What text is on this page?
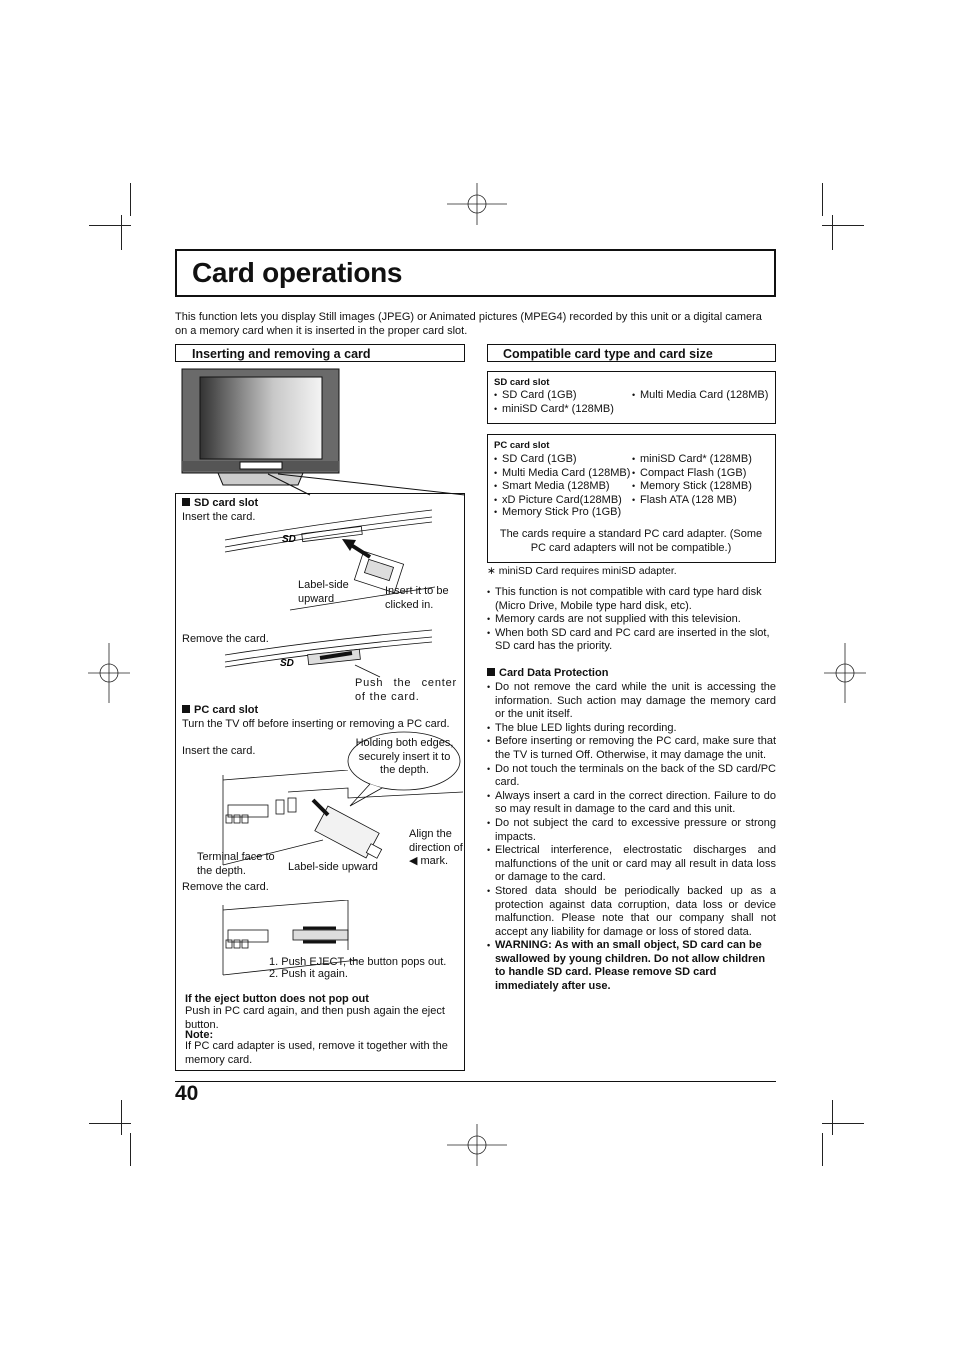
Card operations
This function lets you display Still images (JPEG) or Animated pictures (MPEG4) recorded by this unit or a digital camera on a memory card when it is inserted in the proper card slot.
Inserting and removing a card	Compatible card type and card size
SD card slot
Insert the card.
SD
Label-side upward
Insert it to be clicked in.
Remove the card.
SD
Push the center of the card.
PC card slot
Turn the TV off before inserting or removing a PC card.
Insert the card.
Holding both edges, securely insert it to the depth.
Align the direction of ◀ mark.
Terminal face to the depth.	Label-side upward
Remove the card.
1. Push EJECT, the button pops out.
2. Push it again.
If the eject button does not pop out
Push in PC card again, and then push again the eject button.
Note:
If PC card adapter is used, remove it together with the memory card.
SD card slot
• SD Card (1GB)
• miniSD Card* (128MB)
• Multi Media Card (128MB)
PC card slot
• SD Card (1GB)
• Multi Media Card (128MB)
• Smart Media (128MB)
• xD Picture Card(128MB)
• Memory Stick Pro (1GB)
• miniSD Card* (128MB)
• Compact Flash (1GB)
• Memory Stick (128MB)
• Flash ATA (128 MB)
The cards require a standard PC card adapter. (Some PC card adapters will not be compatible.)
∗ miniSD Card requires miniSD adapter.
• This function is not compatible with card type hard disk (Micro Drive, Mobile type hard disk, etc).
• Memory cards are not supplied with this television.
• When both SD card and PC card are inserted in the slot, SD card has the priority.
Card Data Protection
• Do not remove the card while the unit is accessing the information. Such action may damage the memory card or the unit itself.
• The blue LED lights during recording.
• Before inserting or removing the PC card, make sure that the TV is turned Off. Otherwise, it may damage the unit.
• Do not touch the terminals on the back of the SD card/PC card.
• Always insert a card in the correct direction. Failure to do so may result in damage to the card and this unit.
• Do not subject the card to excessive pressure or strong impacts.
• Electrical interference, electrostatic discharges and malfunctions of the unit or card may all result in data loss or damage to the card.
• Stored data should be periodically backed up as a protection against data corruption, data loss or device malfunction. Please note that our company shall not accept any liability for damage or loss of stored data.
• WARNING: As with an small object, SD card can be swallowed by young children. Do not allow children to handle SD card. Please remove SD card immediately after use.
40
